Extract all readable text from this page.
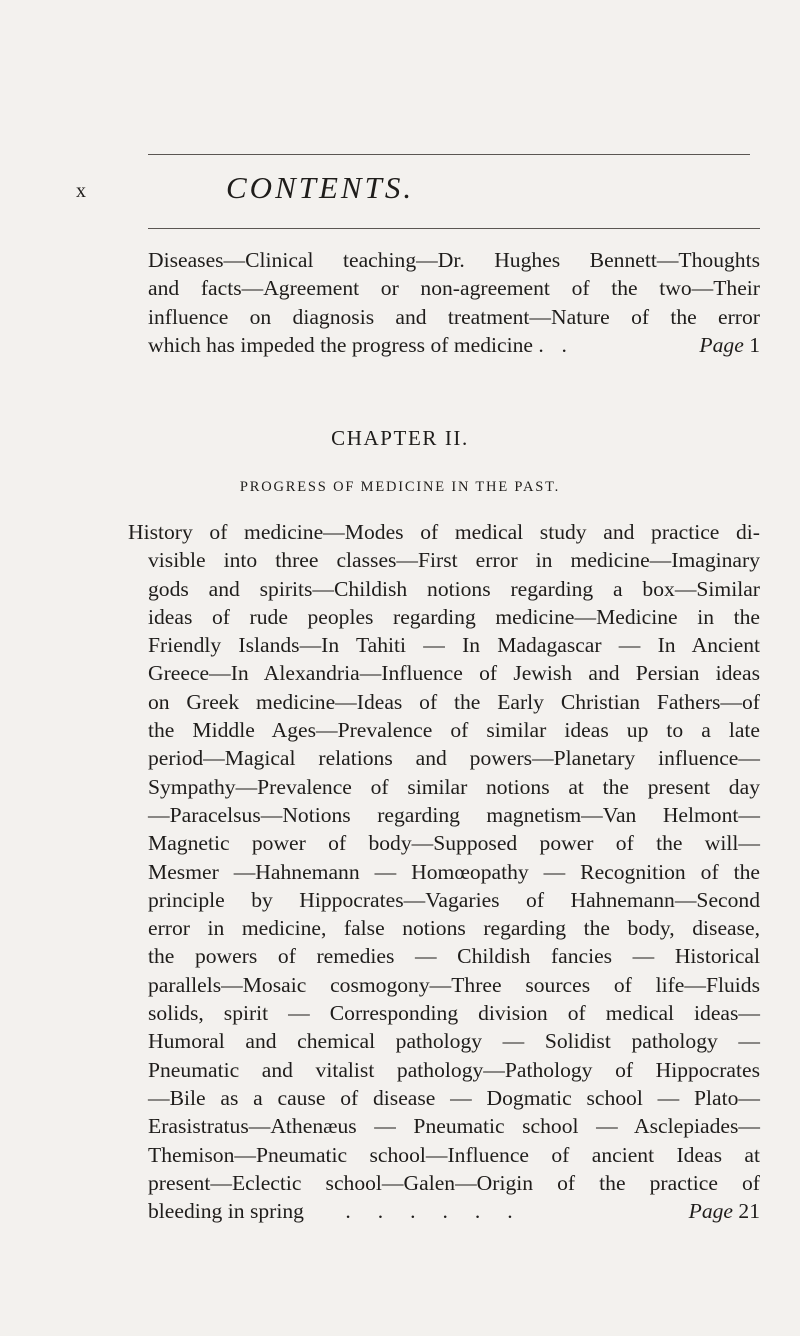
x	CONTENTS.
Diseases—Clinical teaching—Dr. Hughes Bennett—Thoughts
and facts—Agreement or non-agreement of the two—Their
influence on diagnosis and treatment—Nature of the error
which has impeded the progress of medicine . .	Page 1
CHAPTER II.
PROGRESS OF MEDICINE IN THE PAST.
History of medicine—Modes of medical study and practice di-
visible into three classes—First error in medicine—Imaginary
gods and spirits—Childish notions regarding a box—Similar
ideas of rude peoples regarding medicine—Medicine in the
Friendly Islands—In Tahiti — In Madagascar — In Ancient
Greece—In Alexandria—Influence of Jewish and Persian ideas
on Greek medicine—Ideas of the Early Christian Fathers—of
the Middle Ages—Prevalence of similar ideas up to a late
period—Magical relations and powers—Planetary influence—
Sympathy—Prevalence of similar notions at the present day
—Paracelsus—Notions regarding magnetism—Van Helmont—
Magnetic power of body—Supposed power of the will—
Mesmer —Hahnemann — Homœopathy — Recognition of the
principle by Hippocrates—Vagaries of Hahnemann—Second
error in medicine, false notions regarding the body, disease,
the powers of remedies — Childish fancies — Historical
parallels—Mosaic cosmogony—Three sources of life—Fluids
solids, spirit — Corresponding division of medical ideas—
Humoral and chemical pathology — Solidist pathology —
Pneumatic and vitalist pathology—Pathology of Hippocrates
—Bile as a cause of disease — Dogmatic school — Plato—
Erasistratus—Athenæus — Pneumatic school — Asclepiades—
Themison—Pneumatic school—Influence of ancient Ideas at
present—Eclectic school—Galen—Origin of the practice of
bleeding in spring .     .     .     .     .     .	Page 21
